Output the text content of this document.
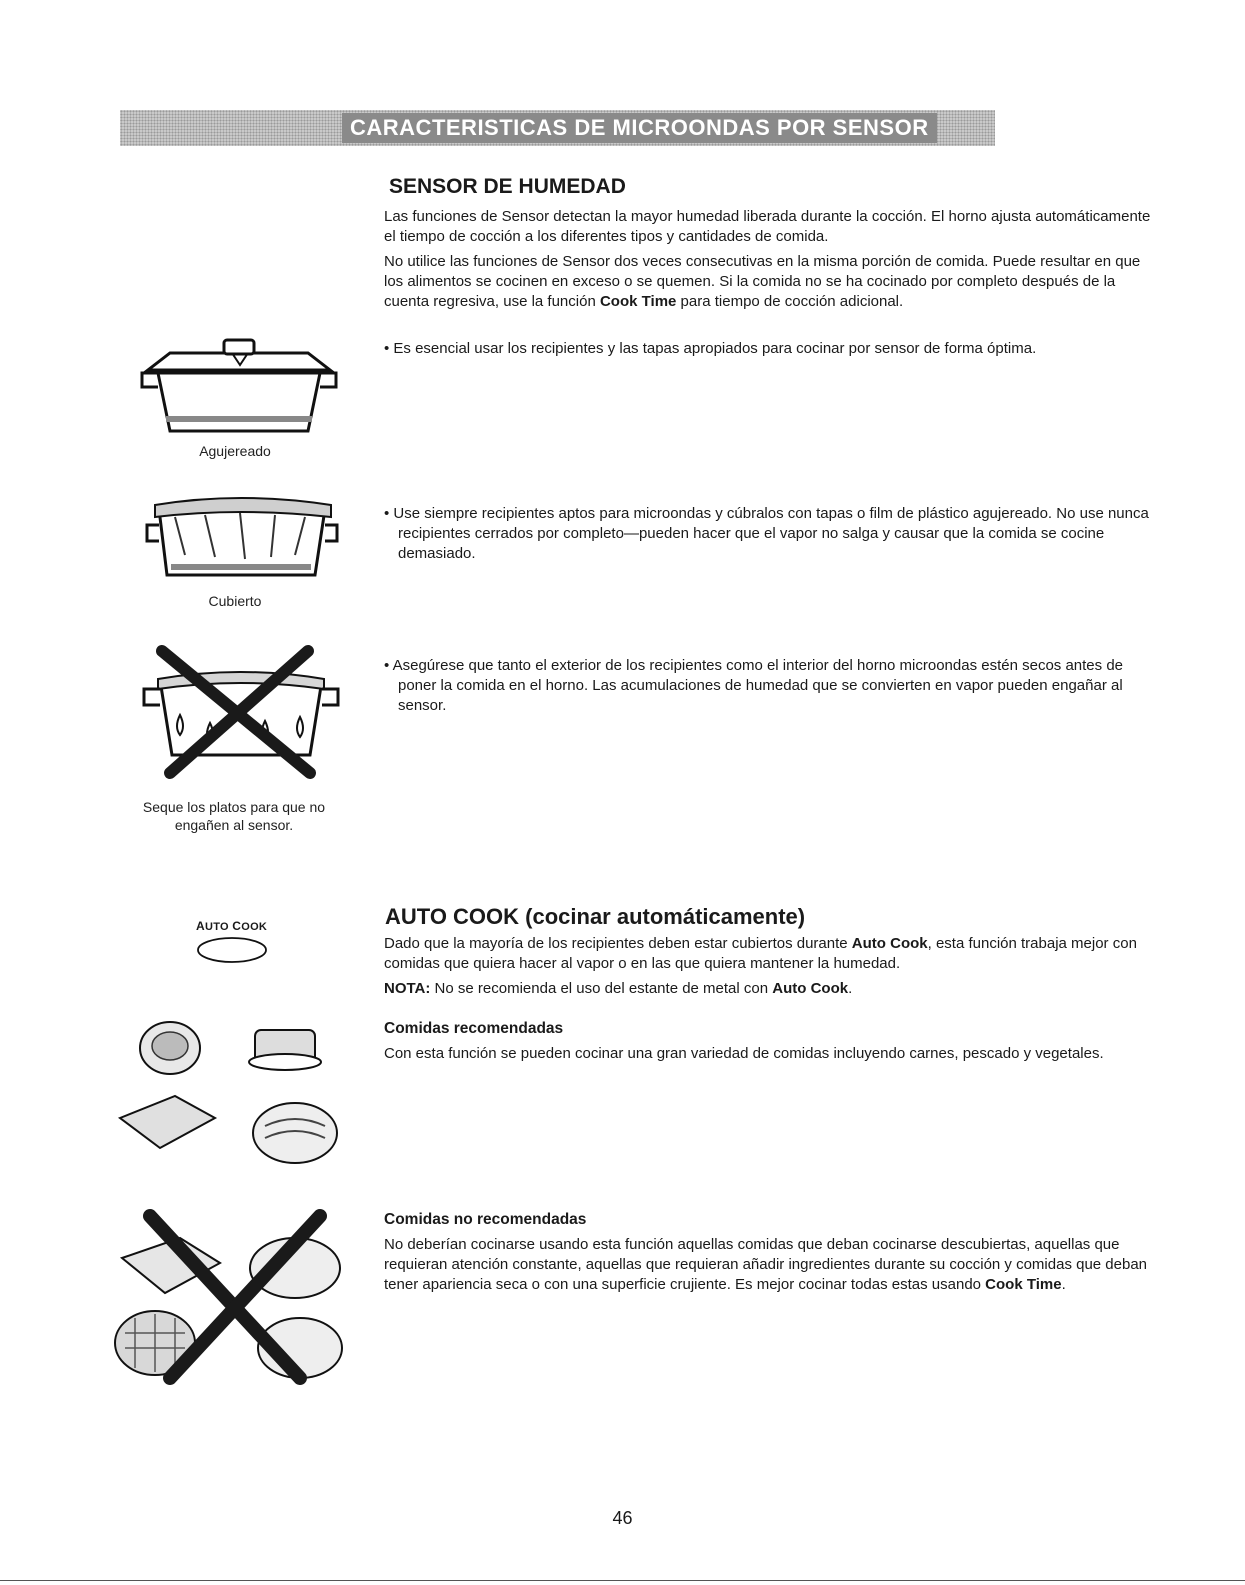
CARACTERISTICAS DE MICROONDAS POR SENSOR
SENSOR DE HUMEDAD

Las funciones de Sensor detectan la mayor humedad liberada durante la cocción. El horno ajusta automáticamente el tiempo de cocción a los diferentes tipos y cantidades de comida.

No utilice las funciones de Sensor dos veces consecutivas en la misma porción de comida. Puede resultar en que los alimentos se cocinen en exceso o se quemen. Si la comida no se ha cocinado por completo después de la cuenta regresiva, use la función Cook Time para tiempo de cocción adicional.

• Es esencial usar los recipientes y las tapas apropiados para cocinar por sensor de forma óptima.

• Use siempre recipientes aptos para microondas y cúbralos con tapas o film de plástico agujereado. No use nunca recipientes cerrados por completo—pueden hacer que el vapor no salga y causar que la comida se cocine demasiado.

• Asegúrese que tanto el exterior de los recipientes como el interior del horno microondas estén secos antes de poner la comida en el horno. Las acumulaciones de humedad que se convierten en vapor pueden engañar al sensor.

Agujereado
Cubierto
Seque los platos para que no engañen al sensor.
AUTO COOK	AUTO COOK (cocinar automáticamente)

Dado que la mayoría de los recipientes deben estar cubiertos durante Auto Cook, esta función trabaja mejor con comidas que quiera hacer al vapor o en las que quiera mantener la humedad.

NOTA: No se recomienda el uso del estante de metal con Auto Cook.

Comidas recomendadas

Con esta función se pueden cocinar una gran variedad de comidas incluyendo carnes, pescado y vegetales.

Comidas no recomendadas

No deberían cocinarse usando esta función aquellas comidas que deban cocinarse descubiertas, aquellas que requieran atención constante, aquellas que requieran añadir ingredientes durante su cocción y comidas que deban tener apariencia seca o con una superficie crujiente. Es mejor cocinar todas estas usando Cook Time.

46
